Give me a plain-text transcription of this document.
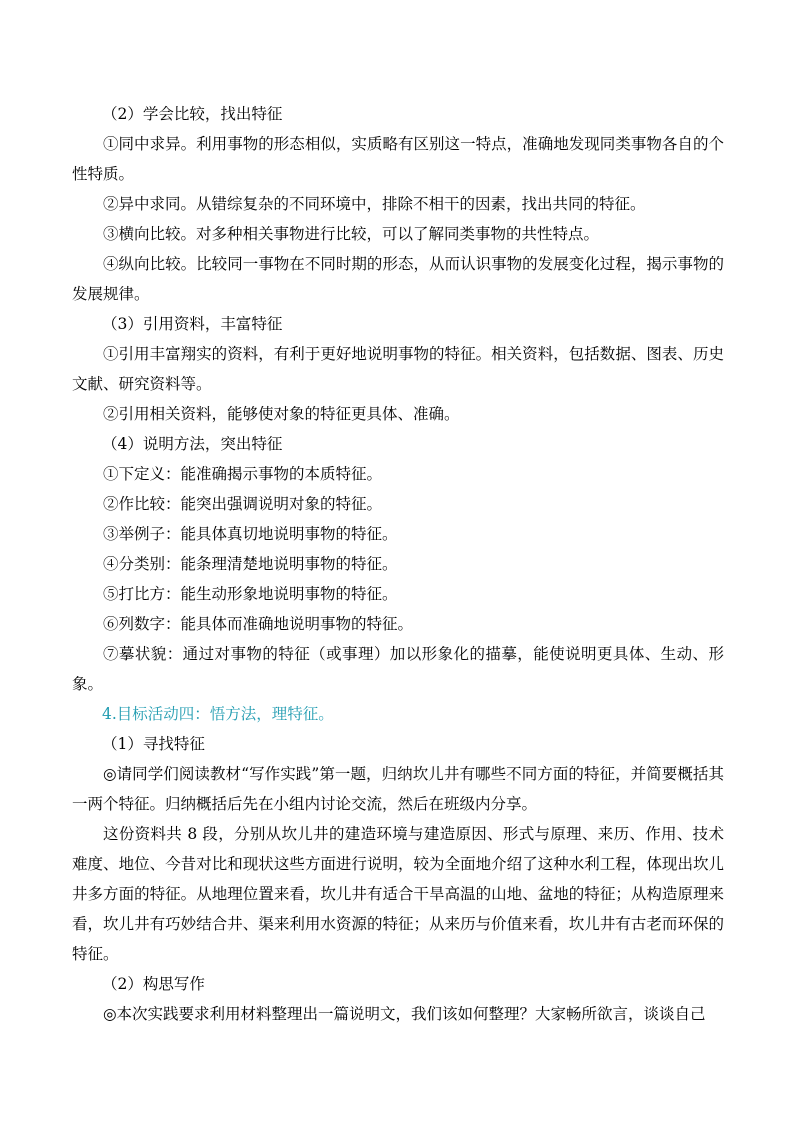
（2）学会比较，找出特征

①同中求异。利用事物的形态相似，实质略有区别这一特点，准确地发现同类事物各自的个性特质。

②异中求同。从错综复杂的不同环境中，排除不相干的因素，找出共同的特征。

③横向比较。对多种相关事物进行比较，可以了解同类事物的共性特点。

④纵向比较。比较同一事物在不同时期的形态，从而认识事物的发展变化过程，揭示事物的发展规律。

（3）引用资料，丰富特征

①引用丰富翔实的资料，有利于更好地说明事物的特征。相关资料，包括数据、图表、历史文献、研究资料等。

②引用相关资料，能够使对象的特征更具体、准确。

（4）说明方法，突出特征

①下定义：能准确揭示事物的本质特征。

②作比较：能突出强调说明对象的特征。

③举例子：能具体真切地说明事物的特征。

④分类别：能条理清楚地说明事物的特征。

⑤打比方：能生动形象地说明事物的特征。

⑥列数字：能具体而准确地说明事物的特征。

⑦摹状貌：通过对事物的特征（或事理）加以形象化的描摹，能使说明更具体、生动、形象。

4.目标活动四：悟方法，理特征。

（1）寻找特征

◎请同学们阅读教材“写作实践”第一题，归纳坎儿井有哪些不同方面的特征，并简要概括其一两个特征。归纳概括后先在小组内讨论交流，然后在班级内分享。

这份资料共 8 段，分别从坎儿井的建造环境与建造原因、形式与原理、来历、作用、技术难度、地位、今昔对比和现状这些方面进行说明，较为全面地介绍了这种水利工程，体现出坎儿井多方面的特征。从地理位置来看，坎儿井有适合干旱高温的山地、盆地的特征；从构造原理来看，坎儿井有巧妙结合井、渠来利用水资源的特征；从来历与价值来看，坎儿井有古老而环保的特征。

（2）构思写作

◎本次实践要求利用材料整理出一篇说明文，我们该如何整理？大家畅所欲言，谈谈自己
